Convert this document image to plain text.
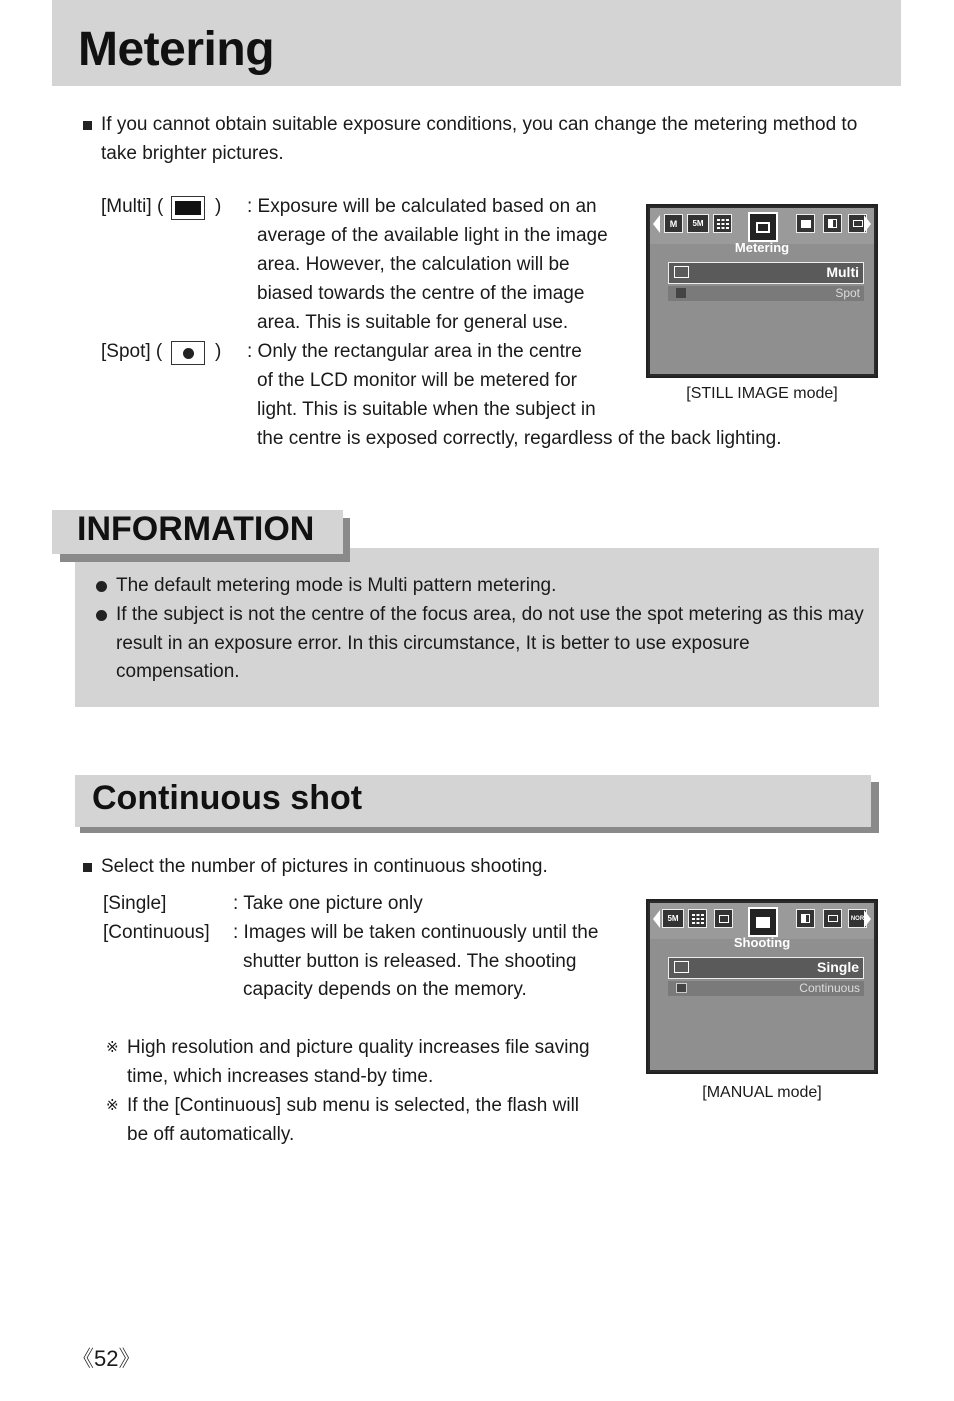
Metering
If you cannot obtain suitable exposure conditions, you can change the metering method to
take brighter pictures.
[Multi] (	) : Exposure will be calculated based on an
average of the available light in the image
area. However, the calculation will be
biased towards the centre of the image
area. This is suitable for general use.
[Spot] (	) : Only the rectangular area in the centre
of the LCD monitor will be metered for
light. This is suitable when the subject in
the centre is exposed correctly, regardless of the back lighting.
M	5M
Metering
Multi
Spot
[STILL IMAGE mode]
INFORMATION
The default metering mode is Multi pattern metering.
If the subject is not the centre of the focus area, do not use the spot metering as this may
result in an exposure error. In this circumstance, It is better to use exposure
compensation.
Continuous shot
Select the number of pictures in continuous shooting.
[Single]	: Take one picture only
[Continuous] : Images will be taken continuously until the
shutter button is released. The shooting
capacity depends on the memory.
※ High resolution and picture quality increases file saving
time, which increases stand-by time.
※ If the [Continuous] sub menu is selected, the flash will
be off automatically.
5M	NOR
Shooting
Single
Continuous
[MANUAL mode]
《52》
